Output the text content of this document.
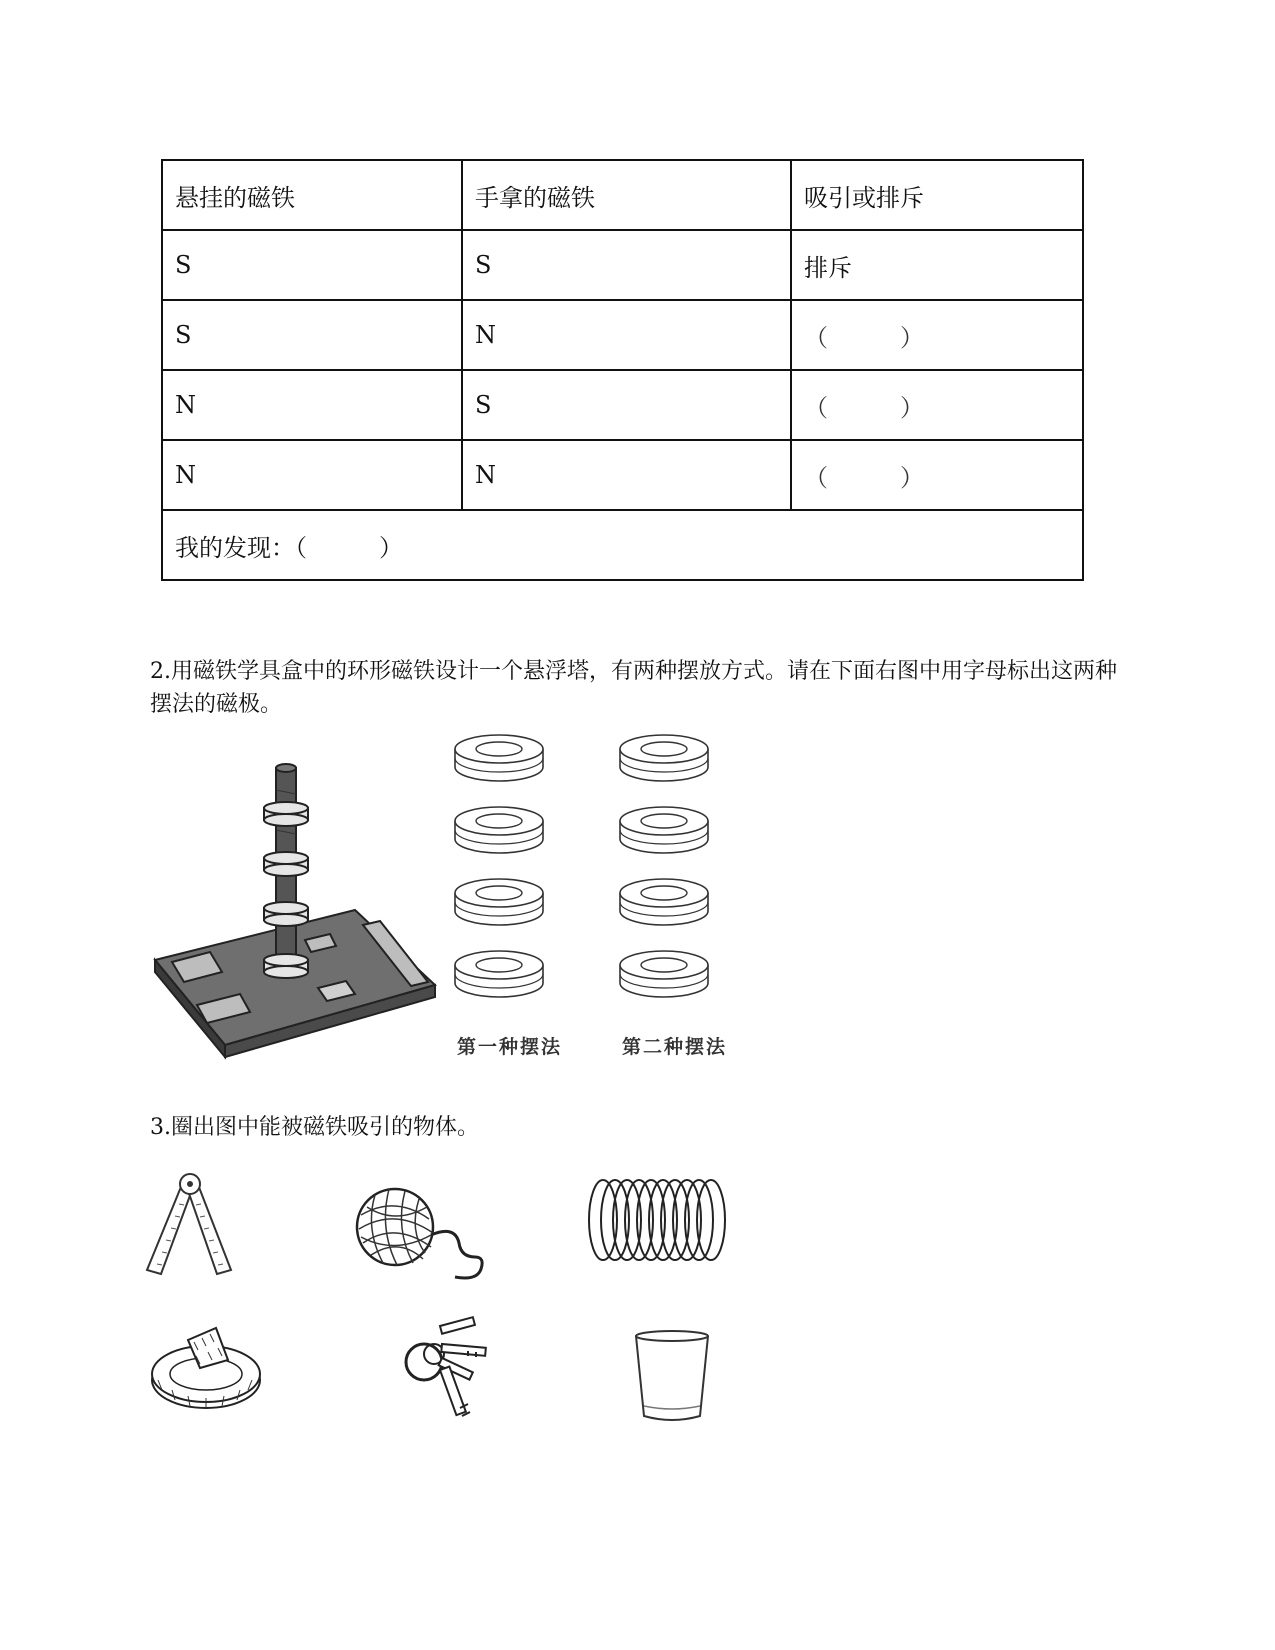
悬挂的磁铁	手拿的磁铁	吸引或排斥
S	S	排斥
S	N	（　　　）
N	S	（　　　）
N	N	（　　　）
我的发现：（　　　）		
2.用磁铁学具盒中的环形磁铁设计一个悬浮塔，有两种摆放方式。请在下面右图中用字母标出这两种摆法的磁极。
第一种摆法	第二种摆法
3.圈出图中能被磁铁吸引的物体。
